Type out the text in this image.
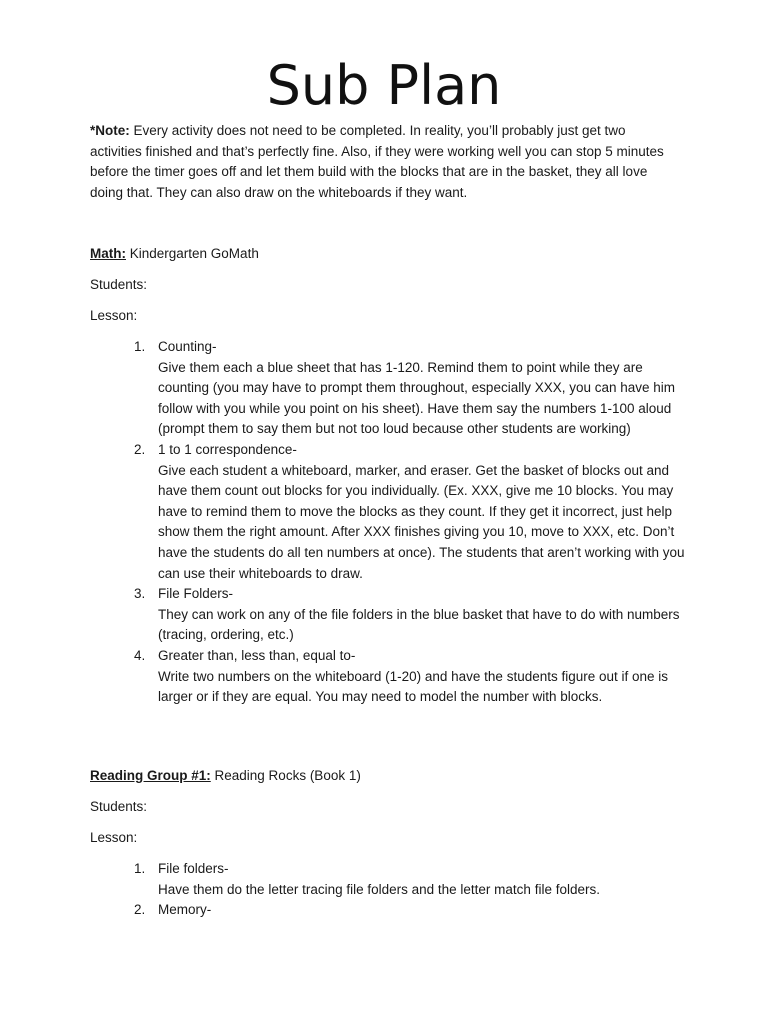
Sub Plan

*Note: Every activity does not need to be completed. In reality, you’ll probably just get two activities finished and that’s perfectly fine. Also, if they were working well you can stop 5 minutes before the timer goes off and let them build with the blocks that are in the basket, they all love doing that. They can also draw on the whiteboards if they want.

Math: Kindergarten GoMath

Students:

Lesson:

1. Counting-
Give them each a blue sheet that has 1-120. Remind them to point while they are counting (you may have to prompt them throughout, especially XXX, you can have him follow with you while you point on his sheet). Have them say the numbers 1-100 aloud (prompt them to say them but not too loud because other students are working)
2. 1 to 1 correspondence-
Give each student a whiteboard, marker, and eraser. Get the basket of blocks out and have them count out blocks for you individually. (Ex. XXX, give me 10 blocks. You may have to remind them to move the blocks as they count. If they get it incorrect, just help show them the right amount. After XXX finishes giving you 10, move to XXX, etc. Don’t have the students do all ten numbers at once). The students that aren’t working with you can use their whiteboards to draw.
3. File Folders-
They can work on any of the file folders in the blue basket that have to do with numbers (tracing, ordering, etc.)
4. Greater than, less than, equal to-
Write two numbers on the whiteboard (1-20) and have the students figure out if one is larger or if they are equal. You may need to model the number with blocks.

Reading Group #1: Reading Rocks (Book 1)

Students:

Lesson:

1. File folders-
Have them do the letter tracing file folders and the letter match file folders.
2. Memory-
